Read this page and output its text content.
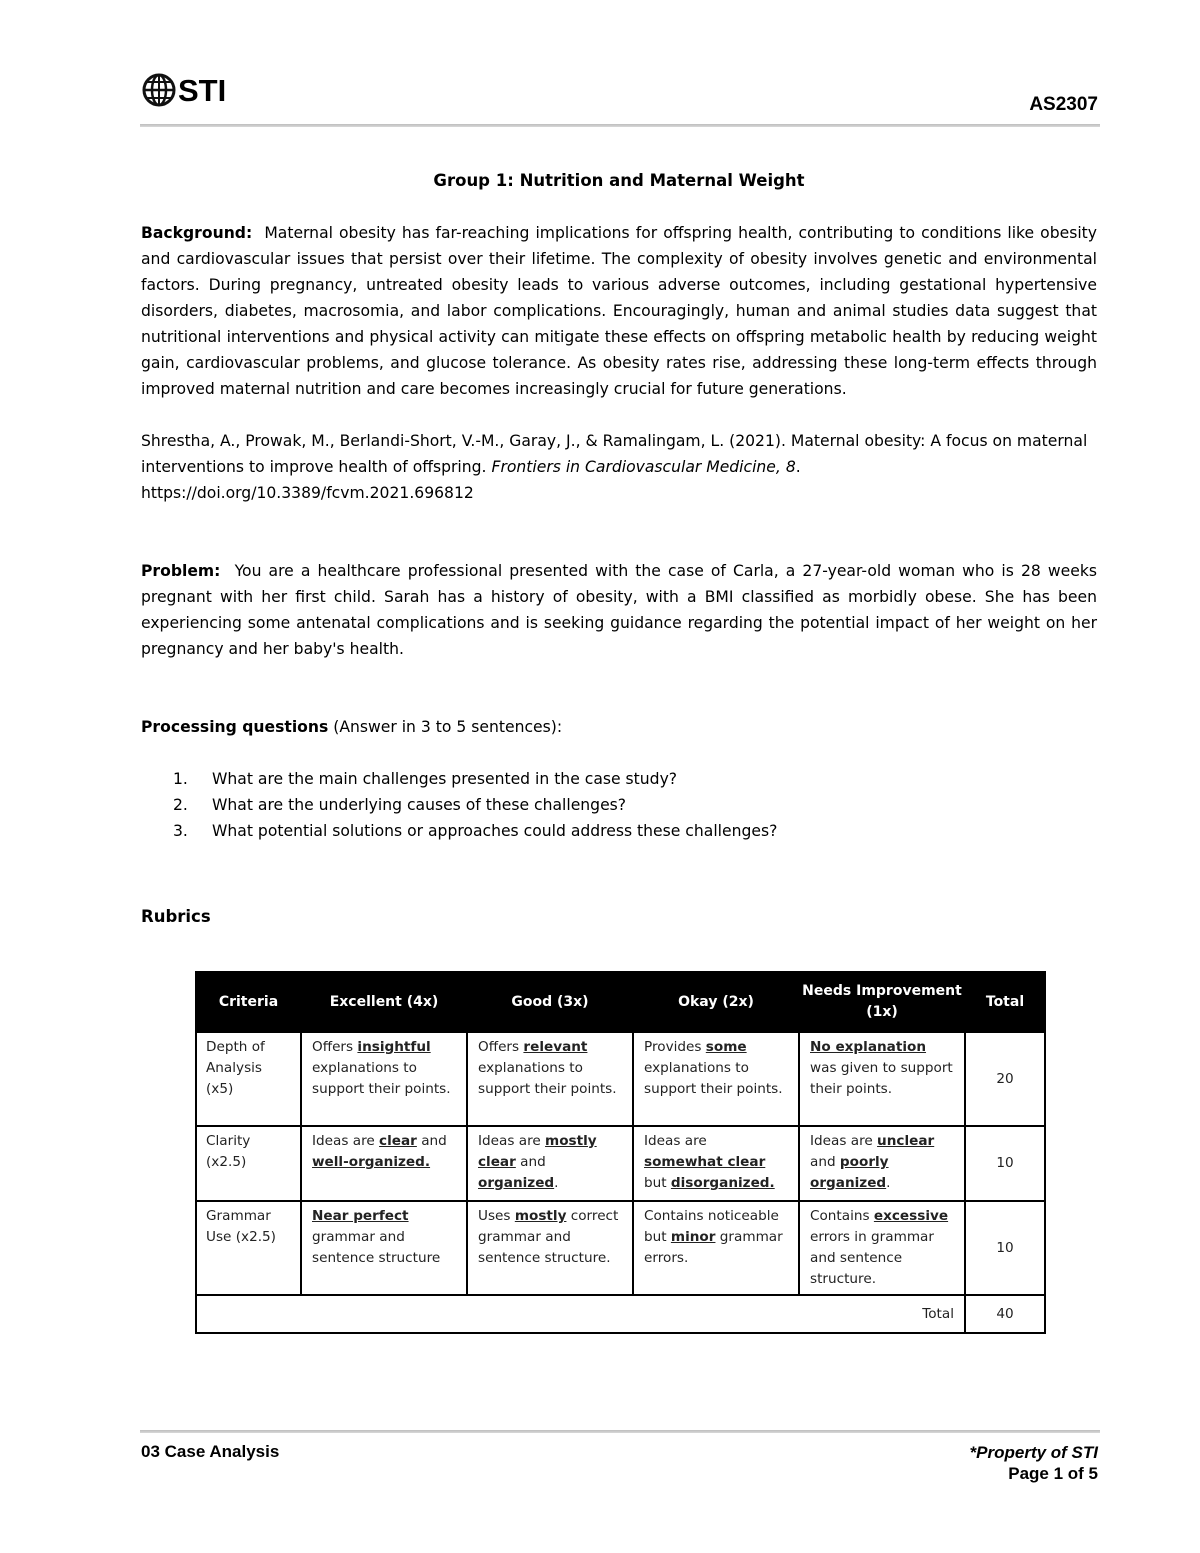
STI	AS2307
Group 1: Nutrition and Maternal Weight

Background: Maternal obesity has far-reaching implications for offspring health, contributing to conditions like obesity and cardiovascular issues that persist over their lifetime. The complexity of obesity involves genetic and environmental factors. During pregnancy, untreated obesity leads to various adverse outcomes, including gestational hypertensive disorders, diabetes, macrosomia, and labor complications. Encouragingly, human and animal studies data suggest that nutritional interventions and physical activity can mitigate these effects on offspring metabolic health by reducing weight gain, cardiovascular problems, and glucose tolerance. As obesity rates rise, addressing these long-term effects through improved maternal nutrition and care becomes increasingly crucial for future generations.

Shrestha, A., Prowak, M., Berlandi-Short, V.-M., Garay, J., & Ramalingam, L. (2021). Maternal obesity: A focus on maternal interventions to improve health of offspring. Frontiers in Cardiovascular Medicine, 8.
https://doi.org/10.3389/fcvm.2021.696812

Problem: You are a healthcare professional presented with the case of Carla, a 27-year-old woman who is 28 weeks pregnant with her first child. Sarah has a history of obesity, with a BMI classified as morbidly obese. She has been experiencing some antenatal complications and is seeking guidance regarding the potential impact of her weight on her pregnancy and her baby's health.

Processing questions (Answer in 3 to 5 sentences):

1.	What are the main challenges presented in the case study?
2.	What are the underlying causes of these challenges?
3.	What potential solutions or approaches could address these challenges?
Rubrics
Criteria	Excellent (4x)	Good (3x)	Okay (2x)	Needs Improvement (1x)	Total
Depth of Analysis (x5)	Offers insightful explanations to support their points.	Offers relevant explanations to support their points.	Provides some explanations to support their points.	No explanation was given to support their points.	20
Clarity (x2.5)	Ideas are clear and well-organized.	Ideas are mostly clear and organized.	Ideas are somewhat clear but disorganized.	Ideas are unclear and poorly organized.	10
Grammar Use (x2.5)	Near perfect grammar and sentence structure	Uses mostly correct grammar and sentence structure.	Contains noticeable but minor grammar errors.	Contains excessive errors in grammar and sentence structure.	10
Total					40
03 Case Analysis	*Property of STI
Page 1 of 5
